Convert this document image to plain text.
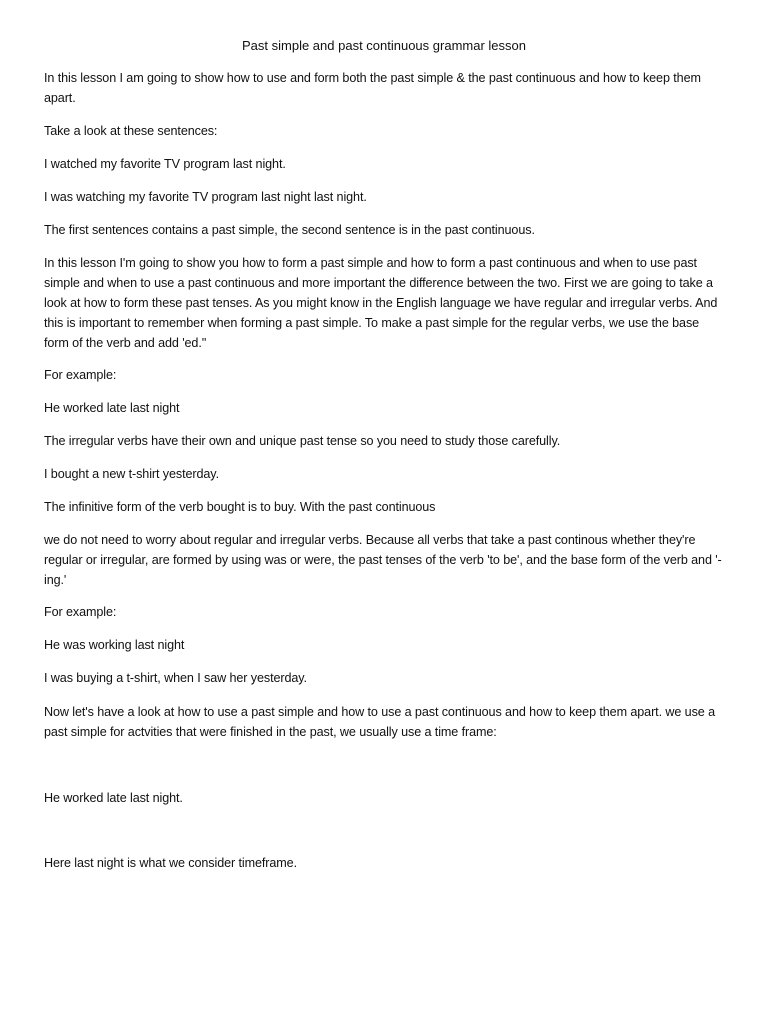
Past simple and past continuous grammar lesson

In this lesson I am going to show how to use and form both the past simple & the past continuous and how to keep them apart.

Take a look at these sentences:

I watched my favorite TV program last night.

I was watching my favorite TV program last night last night.

The first sentences contains a past simple, the second sentence is in the past continuous.

In this lesson I'm going to show you how to form a past simple and how to form a past continuous and when to use past simple and when to use a past continuous and more important the difference between the two. First we are going to take a look at how to form these past tenses. As you might know in the English language we have regular and irregular verbs. And this is important to remember when forming a past simple. To make a past simple for the regular verbs, we use the base form of the verb and add 'ed.''

For example:

He worked late last night

The irregular verbs have their own and unique past tense so you need to study those carefully.

I bought a new t-shirt yesterday.

The infinitive form of the verb bought is to buy. With the past continuous

we do not need to worry about regular and irregular verbs. Because all verbs that take a past continous whether they're regular or irregular, are formed by using was or were, the past tenses of the verb 'to be', and the base form of the verb and '-ing.'

For example:

He was working last night

I was buying a t-shirt, when I saw her yesterday.

Now let's have a look at how to use a past simple and how to use a past continuous and how to keep them apart. we use a past simple for actvities that were finished in the past, we usually use a time frame:

He worked late last night.

Here last night is what we consider timeframe.
